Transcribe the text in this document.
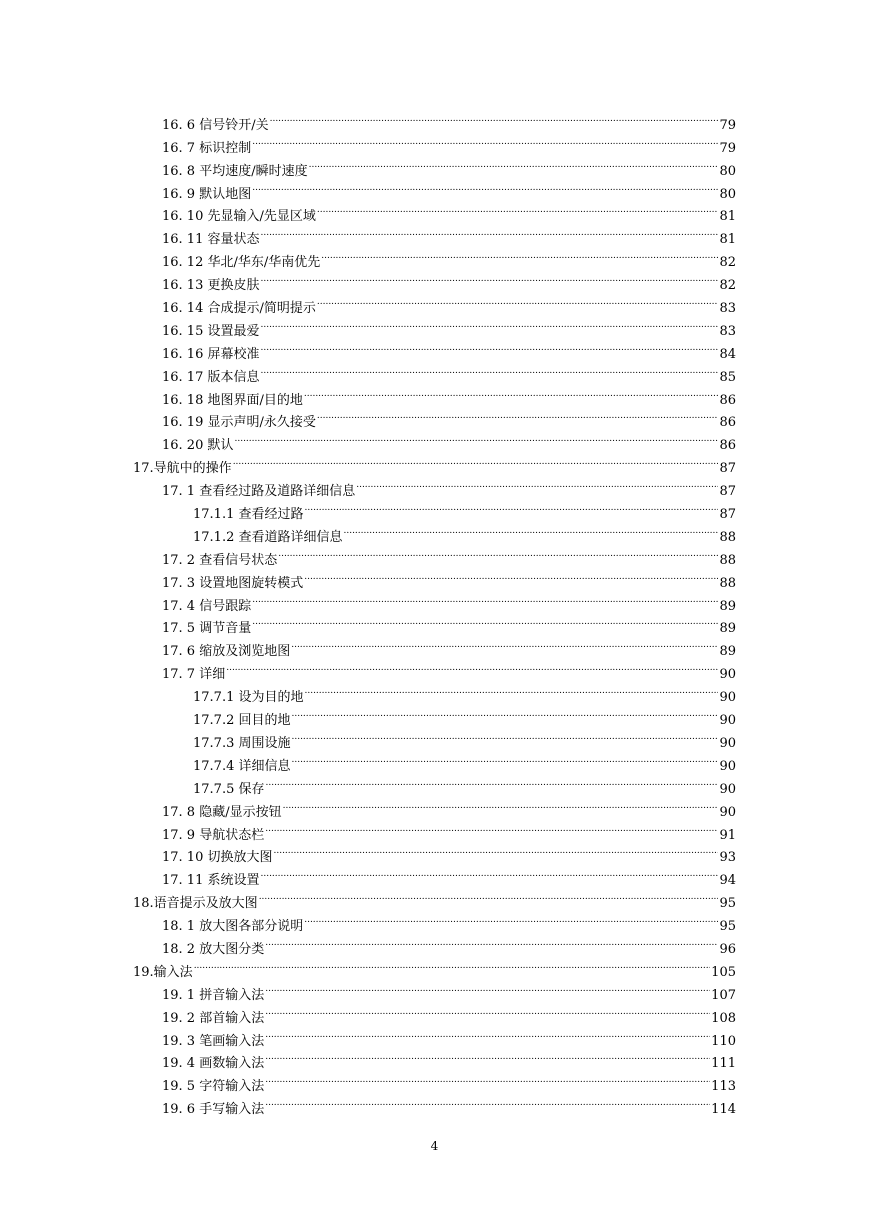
16. 6 信号铃开/关 .....	79
16. 7 标识控制 .....	79
16. 8 平均速度/瞬时速度 .....	80
16. 9 默认地图 .....	80
16. 10 先显输入/先显区域 .....	81
16. 11 容量状态 .....	81
16. 12 华北/华东/华南优先 .....	82
16. 13 更换皮肤 .....	82
16. 14 合成提示/简明提示 .....	83
16. 15 设置最爱 .....	83
16. 16 屏幕校准 .....	84
16. 17 版本信息 .....	85
16. 18 地图界面/目的地 .....	86
16. 19 显示声明/永久接受 .....	86
16. 20 默认 .....	86
17.导航中的操作 .....	87
17. 1 查看经过路及道路详细信息 .....	87
17.1.1 查看经过路 .....	87
17.1.2 查看道路详细信息 .....	88
17. 2 查看信号状态 .....	88
17. 3 设置地图旋转模式 .....	88
17. 4 信号跟踪 .....	89
17. 5 调节音量 .....	89
17. 6 缩放及浏览地图 .....	89
17. 7 详细 .....	90
17.7.1 设为目的地 .....	90
17.7.2 回目的地 .....	90
17.7.3 周围设施 .....	90
17.7.4 详细信息 .....	90
17.7.5 保存 .....	90
17. 8 隐藏/显示按钮 .....	90
17. 9 导航状态栏 .....	91
17. 10 切换放大图 .....	93
17. 11 系统设置 .....	94
18.语音提示及放大图 .....	95
18. 1 放大图各部分说明 .....	95
18. 2 放大图分类 .....	96
19.输入法 .....	105
19. 1 拼音输入法 .....	107
19. 2 部首输入法 .....	108
19. 3 笔画输入法 .....	110
19. 4 画数输入法 .....	111
19. 5 字符输入法 .....	113
19. 6 手写输入法 .....	114
4
